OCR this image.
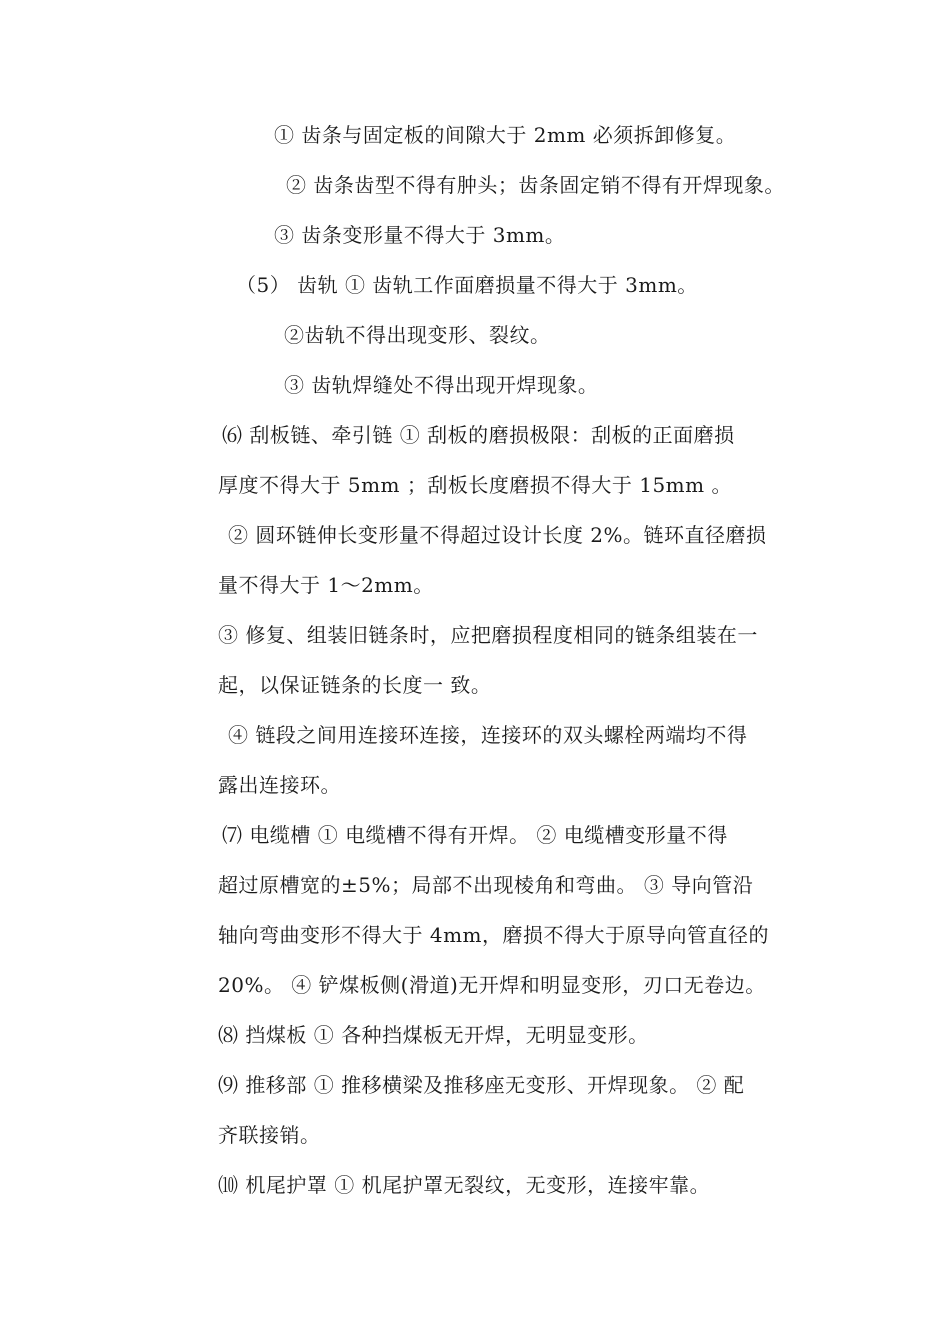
① 齿条与固定板的间隙大于 2mm 必须拆卸修复。
② 齿条齿型不得有肿头；齿条固定销不得有开焊现象。
③ 齿条变形量不得大于 3mm。
（5） 齿轨 ① 齿轨工作面磨损量不得大于 3mm。
②齿轨不得出现变形、裂纹。
③ 齿轨焊缝处不得出现开焊现象。
⑹ 刮板链、牵引链 ① 刮板的磨损极限：刮板的正面磨损
厚度不得大于 5mm ；刮板长度磨损不得大于 15mm 。
② 圆环链伸长变形量不得超过设计长度 2%。链环直径磨损
量不得大于 1～2mm。
③ 修复、组装旧链条时，应把磨损程度相同的链条组装在一
起，以保证链条的长度一 致。
④ 链段之间用连接环连接，连接环的双头螺栓两端均不得
露出连接环。
⑺ 电缆槽 ① 电缆槽不得有开焊。 ② 电缆槽变形量不得
超过原槽宽的±5%；局部不出现棱角和弯曲。 ③ 导向管沿
轴向弯曲变形不得大于 4mm，磨损不得大于原导向管直径的
20%。 ④ 铲煤板侧(滑道)无开焊和明显变形，刃口无卷边。
⑻ 挡煤板 ① 各种挡煤板无开焊，无明显变形。
⑼ 推移部 ① 推移横梁及推移座无变形、开焊现象。 ② 配
齐联接销。
⑽ 机尾护罩 ① 机尾护罩无裂纹，无变形，连接牢靠。
